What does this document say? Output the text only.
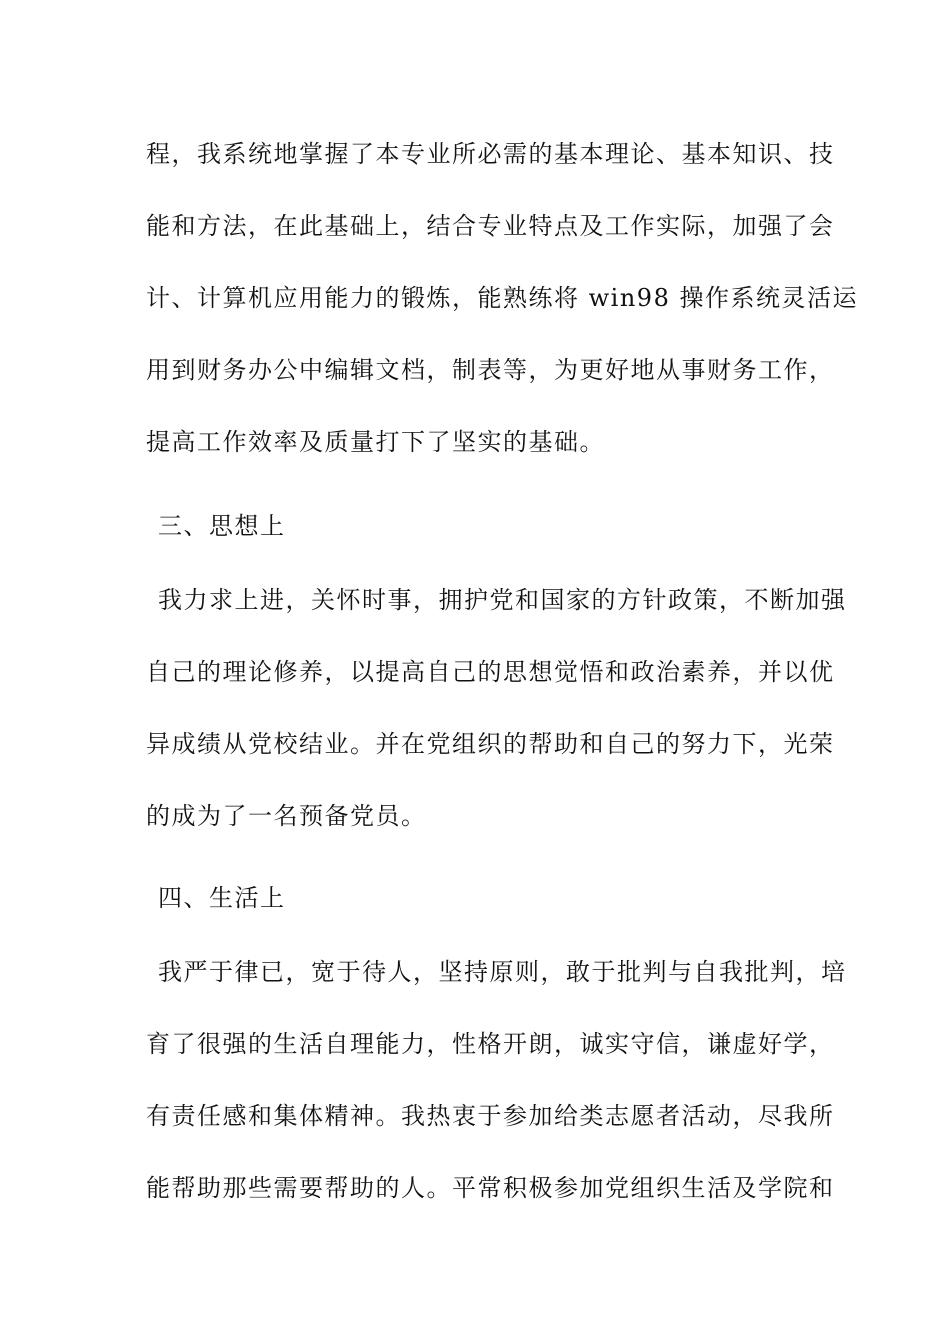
程，我系统地掌握了本专业所必需的基本理论、基本知识、技
能和方法，在此基础上，结合专业特点及工作实际，加强了会
计、计算机应用能力的锻炼，能熟练将 win98 操作系统灵活运
用到财务办公中编辑文档，制表等，为更好地从事财务工作，
提高工作效率及质量打下了坚实的基础。
三、思想上
我力求上进，关怀时事，拥护党和国家的方针政策，不断加强
自己的理论修养，以提高自己的思想觉悟和政治素养，并以优
异成绩从党校结业。并在党组织的帮助和自己的努力下，光荣
的成为了一名预备党员。
四、生活上
我严于律已，宽于待人，坚持原则，敢于批判与自我批判，培
育了很强的生活自理能力，性格开朗，诚实守信，谦虚好学，
有责任感和集体精神。我热衷于参加给类志愿者活动，尽我所
能帮助那些需要帮助的人。平常积极参加党组织生活及学院和
